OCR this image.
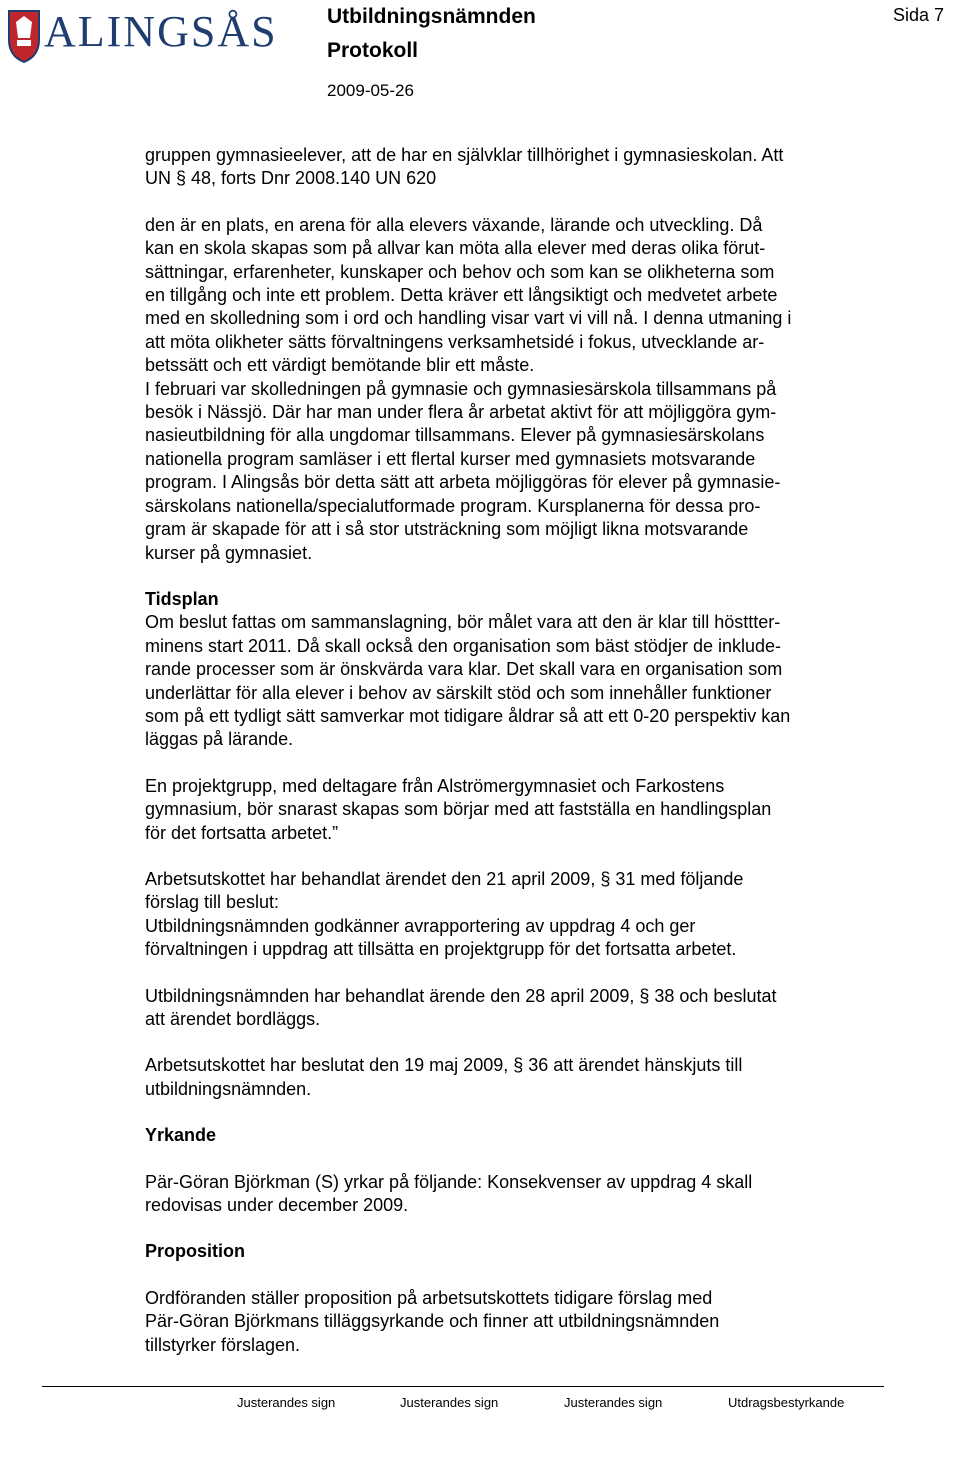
ALINGSÅS Utbildningsnämnden
Protokoll
2009-05-26
Sida 7

gruppen gymnasieelever, att de har en självklar tillhörighet i gymnasieskolan. Att
UN § 48, forts Dnr 2008.140 UN 620

den är en plats, en arena för alla elevers växande, lärande och utveckling. Då
kan en skola skapas som på allvar kan möta alla elever med deras olika förut-
sättningar, erfarenheter, kunskaper och behov och som kan se olikheterna som
en tillgång och inte ett problem. Detta kräver ett långsiktigt och medvetet arbete
med en skolledning som i ord och handling visar vart vi vill nå. I denna utmaning i
att möta olikheter sätts förvaltningens verksamhetsidé i fokus, utvecklande ar-
betssätt och ett värdigt bemötande blir ett måste.
I februari var skolledningen på gymnasie och gymnasiesärskola tillsammans på
besök i Nässjö. Där har man under flera år arbetat aktivt för att möjliggöra gym-
nasieutbildning för alla ungdomar tillsammans. Elever på gymnasiesärskolans
nationella program samläser i ett flertal kurser med gymnasiets motsvarande
program. I Alingsås bör detta sätt att arbeta möjliggöras för elever på gymnasie-
särskolans nationella/specialutformade program. Kursplanerna för dessa pro-
gram är skapade för att i så stor utsträckning som möjligt likna motsvarande
kurser på gymnasiet.

Tidsplan

Om beslut fattas om sammanslagning, bör målet vara att den är klar till hösttter-
minens start 2011. Då skall också den organisation som bäst stödjer de inklude-
rande processer som är önskvärda vara klar. Det skall vara en organisation som
underlättar för alla elever i behov av särskilt stöd och som innehåller funktioner
som på ett tydligt sätt samverkar mot tidigare åldrar så att ett 0-20 perspektiv kan
läggas på lärande.

En projektgrupp, med deltagare från Alströmergymnasiet och Farkostens
gymnasium, bör snarast skapas som börjar med att fastställa en handlingsplan
för det fortsatta arbetet.”

Arbetsutskottet har behandlat ärendet den 21 april 2009, § 31 med följande
förslag till beslut:
Utbildningsnämnden godkänner avrapportering av uppdrag 4 och ger
förvaltningen i uppdrag att tillsätta en projektgrupp för det fortsatta arbetet.

Utbildningsnämnden har behandlat ärende den 28 april 2009, § 38 och beslutat
att ärendet bordläggs.

Arbetsutskottet har beslutat den 19 maj 2009, § 36 att ärendet hänskjuts till
utbildningsnämnden.

Yrkande

Pär-Göran Björkman (S) yrkar på följande: Konsekvenser av uppdrag 4 skall
redovisas under december 2009.

Proposition

Ordföranden ställer proposition på arbetsutskottets tidigare förslag med
Pär-Göran Björkmans tilläggsyrkande och finner att utbildningsnämnden
tillstyrker förslagen.

Justerandes sign	Justerandes sign	Justerandes sign	Utdragsbestyrkande
